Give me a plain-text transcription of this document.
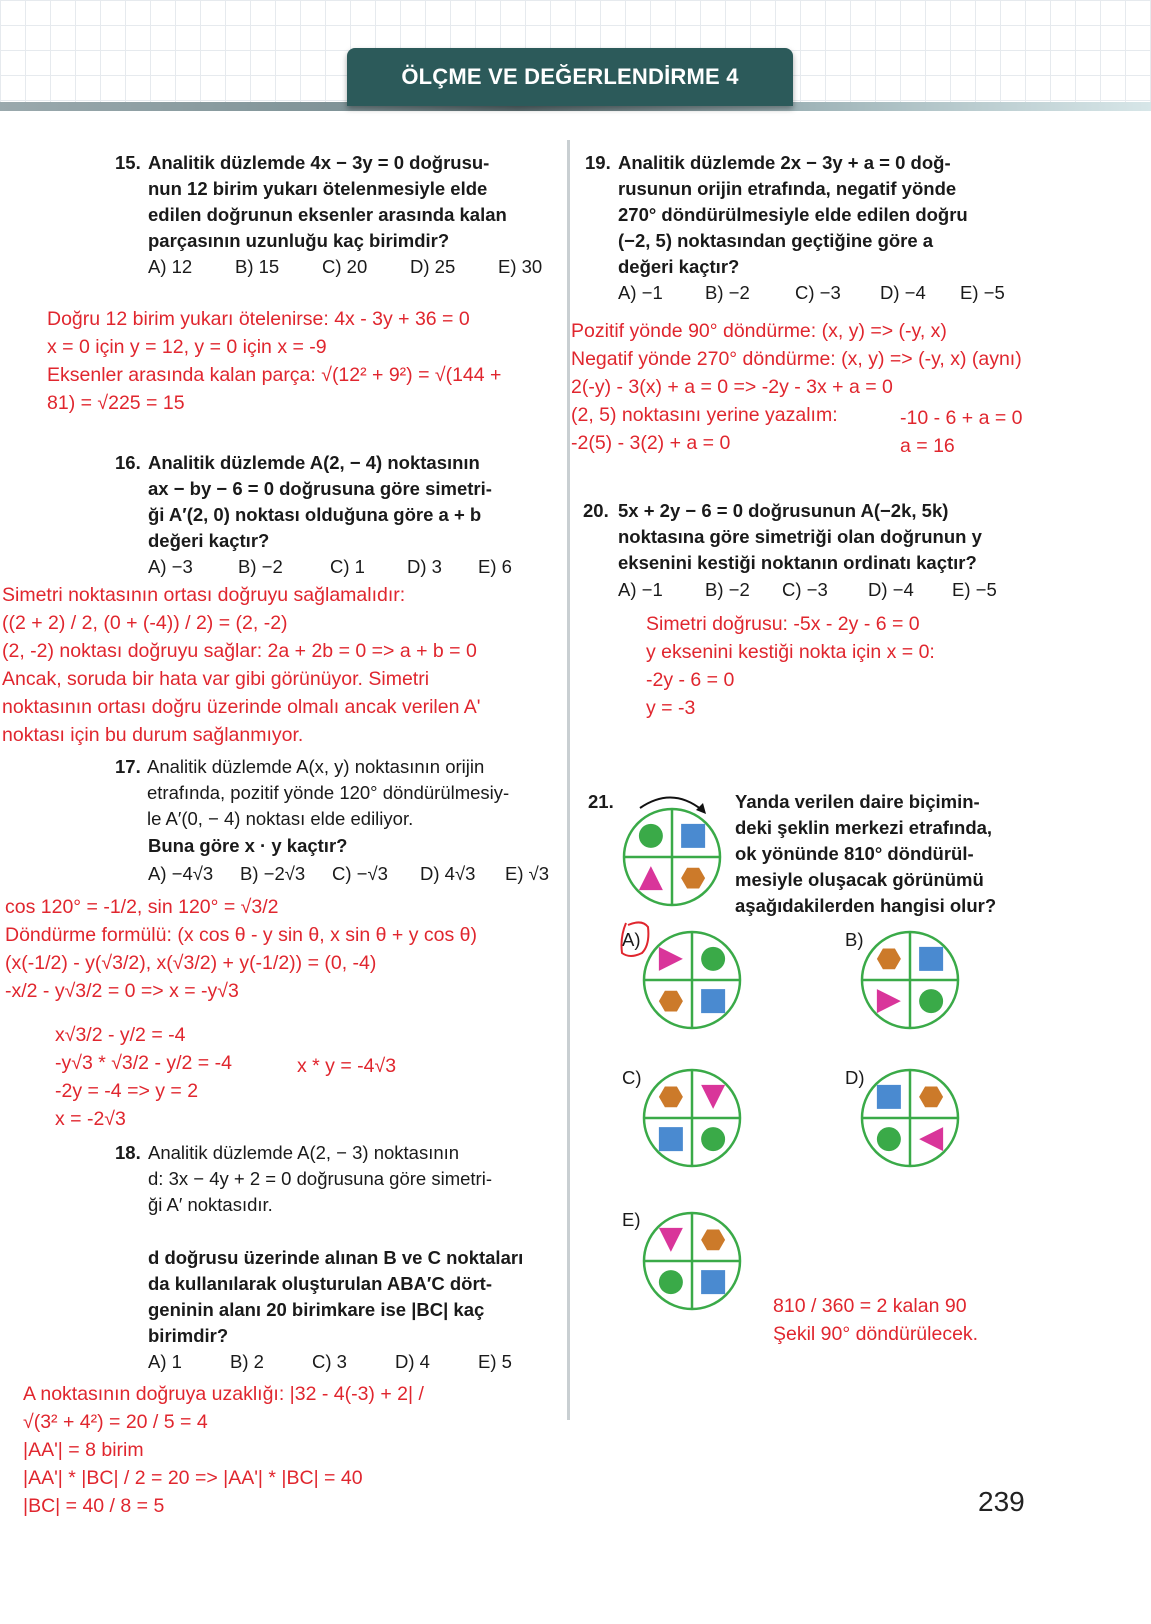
ÖLÇME VE DEĞERLENDİRME 4
239
15. Analitik düzlemde 4x − 3y = 0 doğrusu-
nun 12 birim yukarı ötelenmesiyle elde
edilen doğrunun eksenler arasında kalan
parçasının uzunluğu kaç birimdir?
A) 12 B) 15 C) 20 D) 25 E) 30
Doğru 12 birim yukarı ötelenirse: 4x - 3y + 36 = 0
x = 0 için y = 12, y = 0 için x = -9
Eksenler arasında kalan parça: √(12² + 9²) = √(144 +
81) = √225 = 15
16. Analitik düzlemde A(2, − 4) noktasının
ax − by − 6 = 0 doğrusuna göre simetri-
ği A′(2, 0) noktası olduğuna göre a + b
değeri kaçtır?
A) −3 B) −2	C) 1 D) 3 E) 6
Simetri noktasının ortası doğruyu sağlamalıdır:
((2 + 2) / 2, (0 + (-4)) / 2) = (2, -2)
(2, -2) noktası doğruyu sağlar: 2a + 2b = 0 => a + b = 0
Ancak, soruda bir hata var gibi görünüyor. Simetri
noktasının ortası doğru üzerinde olmalı ancak verilen A'
noktası için bu durum sağlanmıyor.
17. Analitik düzlemde A(x, y) noktasının orijin
etrafında, pozitif yönde 120° döndürülmesiy-
le A′(0, − 4) noktası elde ediliyor.
Buna göre x · y kaçtır?
A) −4√3 B) −2√3 C) −√3 D) 4√3 E) √3
cos 120° = -1/2, sin 120° = √3/2
Döndürme formülü: (x cos θ - y sin θ, x sin θ + y cos θ)
(x(-1/2) - y(√3/2), x(√3/2) + y(-1/2)) = (0, -4)
-x/2 - y√3/2 = 0 => x = -y√3
x√3/2 - y/2 = -4
-y√3 * √3/2 - y/2 = -4
-2y = -4 => y = 2
x = -2√3
x * y = -4√3
18. Analitik düzlemde A(2, − 3) noktasının
d: 3x − 4y + 2 = 0 doğrusuna göre simetri-
ği A′ noktasıdır.
d doğrusu üzerinde alınan B ve C noktaları
da kullanılarak oluşturulan ABA′C dört-
geninin alanı 20 birimkare ise |BC| kaç
birimdir?
A) 1	B) 2	C) 3	D) 4	E) 5
A noktasının doğruya uzaklığı: |32 - 4(-3) + 2| /
√(3² + 4²) = 20 / 5 = 4
|AA'| = 8 birim
|AA'| * |BC| / 2 = 20 => |AA'| * |BC| = 40
|BC| = 40 / 8 = 5
19. Analitik düzlemde 2x − 3y + a = 0 doğ-
rusunun orijin etrafında, negatif yönde
270° döndürülmesiyle elde edilen doğru
(−2, 5) noktasından geçtiğine göre a
değeri kaçtır?
A) −1 B) −2 C) −3 D) −4 E) −5
Pozitif yönde 90° döndürme: (x, y) => (-y, x)
Negatif yönde 270° döndürme: (x, y) => (-y, x) (aynı)
2(-y) - 3(x) + a = 0 => -2y - 3x + a = 0
(2, 5) noktasını yerine yazalım:
-2(5) - 3(2) + a = 0
-10 - 6 + a = 0
a = 16
20. 5x + 2y − 6 = 0 doğrusunun A(−2k, 5k)
noktasına göre simetriği olan doğrunun y
eksenini kestiği noktanın ordinatı kaçtır?
A) −1 B) −2 C) −3 D) −4 E) −5
Simetri doğrusu: -5x - 2y - 6 = 0
y eksenini kestiği nokta için x = 0:
-2y - 6 = 0
y = -3
21.	Yanda verilen daire biçimin-
deki şeklin merkezi etrafında,
ok yönünde 810° döndürül-
mesiyle oluşacak görünümü
aşağıdakilerden hangisi olur?
810 / 360 = 2 kalan 90
Şekil 90° döndürülecek.
A)	B)
C)	D)
E)
